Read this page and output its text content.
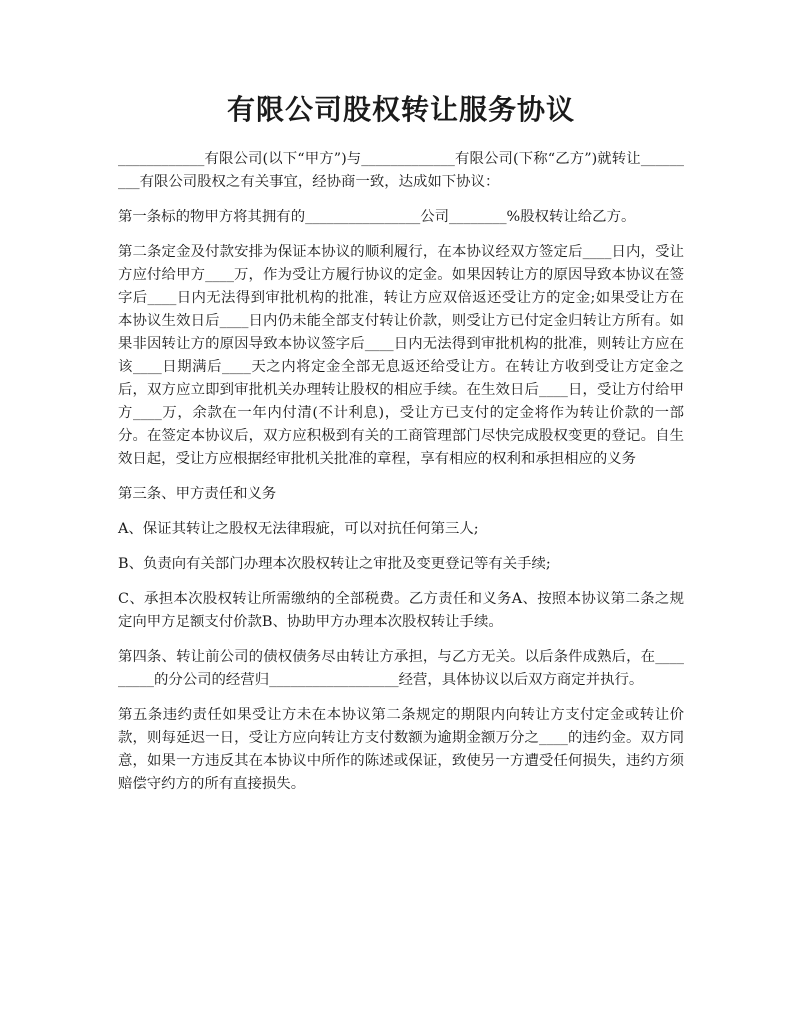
有限公司股权转让服务协议

____________有限公司(以下“甲方”)与_____________有限公司(下称“乙方”)就转让_________有限公司股权之有关事宜，经协商一致，达成如下协议：

第一条标的物甲方将其拥有的________________公司________%股权转让给乙方。

第二条定金及付款安排为保证本协议的顺利履行，在本协议经双方签定后____日内，受让方应付给甲方____万，作为受让方履行协议的定金。如果因转让方的原因导致本协议在签字后____日内无法得到审批机构的批准，转让方应双倍返还受让方的定金;如果受让方在本协议生效日后____日内仍未能全部支付转让价款，则受让方已付定金归转让方所有。如果非因转让方的原因导致本协议签字后____日内无法得到审批机构的批准，则转让方应在该____日期满后____天之内将定金全部无息返还给受让方。在转让方收到受让方定金之后，双方应立即到审批机关办理转让股权的相应手续。在生效日后____日，受让方付给甲方____万，余款在一年内付清(不计利息)，受让方已支付的定金将作为转让价款的一部分。在签定本协议后，双方应积极到有关的工商管理部门尽快完成股权变更的登记。自生效日起，受让方应根据经审批机关批准的章程，享有相应的权利和承担相应的义务

第三条、甲方责任和义务

A、保证其转让之股权无法律瑕疵，可以对抗任何第三人;

B、负责向有关部门办理本次股权转让之审批及变更登记等有关手续;

C、承担本次股权转让所需缴纳的全部税费。乙方责任和义务A、按照本协议第二条之规定向甲方足额支付价款B、协助甲方办理本次股权转让手续。

第四条、转让前公司的债权债务尽由转让方承担，与乙方无关。以后条件成熟后，在_________的分公司的经营归__________________经营，具体协议以后双方商定并执行。

第五条违约责任如果受让方未在本协议第二条规定的期限内向转让方支付定金或转让价款，则每延迟一日，受让方应向转让方支付数额为逾期金额万分之____的违约金。双方同意，如果一方违反其在本协议中所作的陈述或保证，致使另一方遭受任何损失，违约方须赔偿守约方的所有直接损失。
